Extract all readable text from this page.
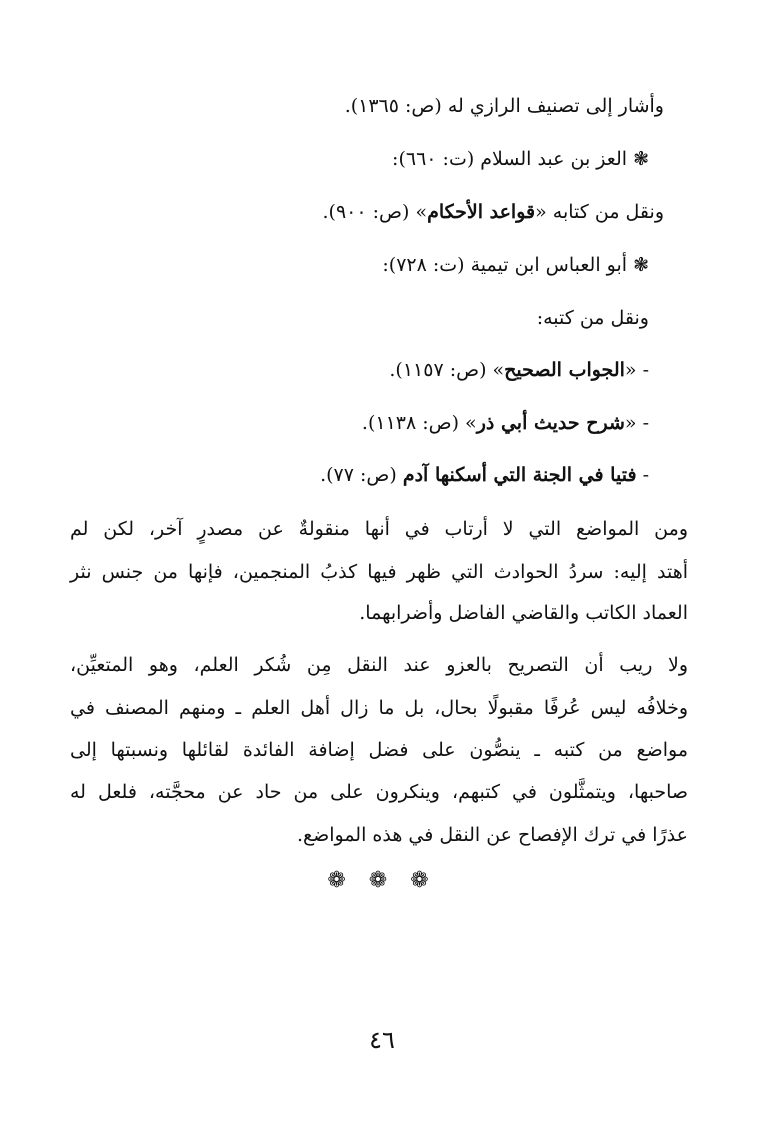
وأشار إلى تصنيف الرازي له (ص: ١٣٦٥).
❃ العز بن عبد السلام (ت: ٦٦٠):
ونقل من كتابه «قواعد الأحكام» (ص: ٩٠٠).
❃ أبو العباس ابن تيمية (ت: ٧٢٨):
ونقل من كتبه:
- «الجواب الصحيح» (ص: ١١٥٧).
- «شرح حديث أبي ذر» (ص: ١١٣٨).
- فتيا في الجنة التي أسكنها آدم (ص: ٧٧).
ومن المواضع التي لا أرتاب في أنها منقولةٌ عن مصدرٍ آخر، لكن لم
أهتد إليه: سردُ الحوادث التي ظهر فيها كذبُ المنجمين، فإنها من جنس نثر
العماد الكاتب والقاضي الفاضل وأضرابهما.
ولا ريب أن التصريح بالعزو عند النقل مِن شُكر العلم، وهو المتعيِّن،
وخلافُه ليس عُرفًا مقبولًا بحال، بل ما زال أهل العلم ـ ومنهم المصنف في
مواضع من كتبه ـ ينصُّون على فضل إضافة الفائدة لقائلها ونسبتها إلى
صاحبها، ويتمثَّلون في كتبهم، وينكرون على من حاد عن محجَّته، فلعل له
عذرًا في ترك الإفصاح عن النقل في هذه المواضع.
❁ ❁ ❁
٤٦
